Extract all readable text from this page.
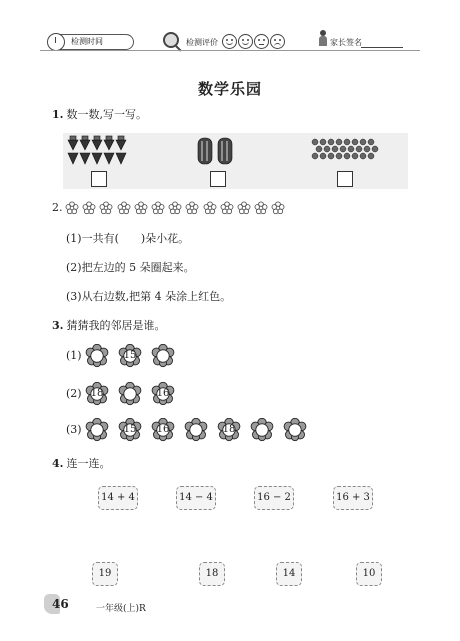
检测时间	检测评价	家长签名
数学乐园
1. 数一数,写一写。
2.
(1)一共有(　　)朵小花。
(2)把左边的 5 朵圈起来。
(3)从右边数,把第 4 朵涂上红色。
3. 猜猜我的邻居是谁。
(1)	15
(2) 18	16
(3)	15	16	18
4. 连一连。
14 + 4	14 − 4	16 − 2	16 + 3
19	18	14	10
46	一年级(上)R
